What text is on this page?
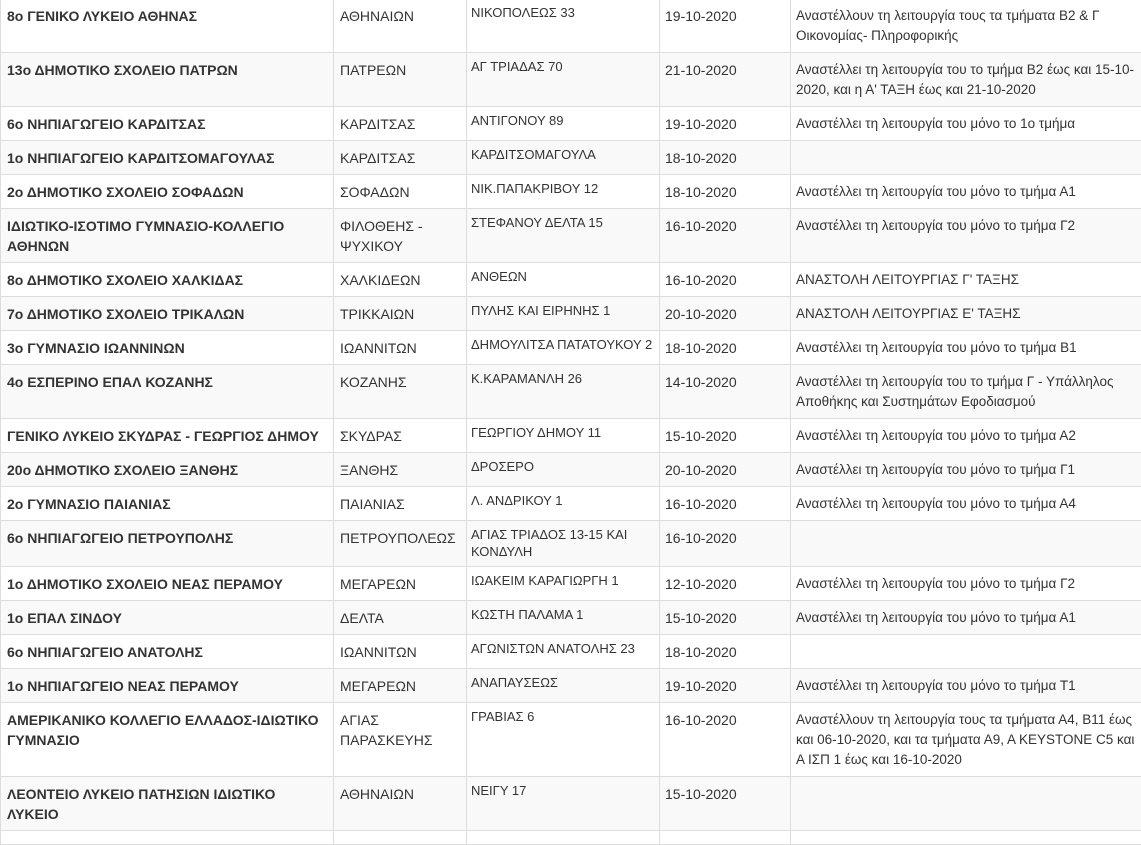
8ο ΓΕΝΙΚΟ ΛΥΚΕΙΟ ΑΘΗΝΑΣ	ΑΘΗΝΑΙΩΝ	ΝΙΚΟΠΟΛΕΩΣ 33	19-10-2020	Αναστέλλουν τη λειτουργία τους τα τμήματα Β2 & Γ Οικονομίας- Πληροφορικής
13ο ΔΗΜΟΤΙΚΟ ΣΧΟΛΕΙΟ ΠΑΤΡΩΝ	ΠΑΤΡΕΩΝ	ΑΓ ΤΡΙΑΔΑΣ 70	21-10-2020	Αναστέλλει τη λειτουργία του το τμήμα Β2 έως και 15-10-2020, και η Α' ΤΑΞΗ έως και 21-10-2020
6ο ΝΗΠΙΑΓΩΓΕΙΟ ΚΑΡΔΙΤΣΑΣ	ΚΑΡΔΙΤΣΑΣ	ΑΝΤΙΓΟΝΟΥ 89	19-10-2020	Αναστέλλει τη λειτουργία του μόνο το 1ο τμήμα
1ο ΝΗΠΙΑΓΩΓΕΙΟ ΚΑΡΔΙΤΣΟΜΑΓΟΥΛΑΣ	ΚΑΡΔΙΤΣΑΣ	ΚΑΡΔΙΤΣΟΜΑΓΟΥΛΑ	18-10-2020	
2ο ΔΗΜΟΤΙΚΟ ΣΧΟΛΕΙΟ ΣΟΦΑΔΩΝ	ΣΟΦΑΔΩΝ	ΝΙΚ.ΠΑΠΑΚΡΙΒΟΥ 12	18-10-2020	Αναστέλλει τη λειτουργία του μόνο το τμήμα Α1
ΙΔΙΩΤΙΚΟ-ΙΣΟΤΙΜΟ ΓΥΜΝΑΣΙΟ-ΚΟΛΛΕΓΙΟ ΑΘΗΝΩΝ	ΦΙΛΟΘΕΗΣ - ΨΥΧΙΚΟΥ	ΣΤΕΦΑΝΟΥ ΔΕΛΤΑ 15	16-10-2020	Αναστέλλει τη λειτουργία του μόνο το τμήμα Γ2
8ο ΔΗΜΟΤΙΚΟ ΣΧΟΛΕΙΟ ΧΑΛΚΙΔΑΣ	ΧΑΛΚΙΔΕΩΝ	ΑΝΘΕΩΝ	16-10-2020	ΑΝΑΣΤΟΛΗ ΛΕΙΤΟΥΡΓΙΑΣ Γ' ΤΑΞΗΣ
7ο ΔΗΜΟΤΙΚΟ ΣΧΟΛΕΙΟ ΤΡΙΚΑΛΩΝ	ΤΡΙΚΚΑΙΩΝ	ΠΥΛΗΣ ΚΑΙ ΕΙΡΗΝΗΣ 1	20-10-2020	ΑΝΑΣΤΟΛΗ ΛΕΙΤΟΥΡΓΙΑΣ Ε' ΤΑΞΗΣ
3ο ΓΥΜΝΑΣΙΟ ΙΩΑΝΝΙΝΩΝ	ΙΩΑΝΝΙΤΩΝ	ΔΗΜΟΥΛΙΤΣΑ ΠΑΤΑΤΟΥΚΟΥ 2	18-10-2020	Αναστέλλει τη λειτουργία του μόνο το τμήμα Β1
4ο ΕΣΠΕΡΙΝΟ ΕΠΑΛ ΚΟΖΑΝΗΣ	ΚΟΖΑΝΗΣ	Κ.ΚΑΡΑΜΑΝΛΗ 26	14-10-2020	Αναστέλλει τη λειτουργία του το τμήμα Γ - Υπάλληλος Αποθήκης και Συστημάτων Εφοδιασμού
ΓΕΝΙΚΟ ΛΥΚΕΙΟ ΣΚΥΔΡΑΣ - ΓΕΩΡΓΙΟΣ ΔΗΜΟΥ	ΣΚΥΔΡΑΣ	ΓΕΩΡΓΙΟΥ ΔΗΜΟΥ 11	15-10-2020	Αναστέλλει τη λειτουργία του μόνο το τμήμα Α2
20ο ΔΗΜΟΤΙΚΟ ΣΧΟΛΕΙΟ ΞΑΝΘΗΣ	ΞΑΝΘΗΣ	ΔΡΟΣΕΡΟ	20-10-2020	Αναστέλλει τη λειτουργία του μόνο το τμήμα Γ1
2ο ΓΥΜΝΑΣΙΟ ΠΑΙΑΝΙΑΣ	ΠΑΙΑΝΙΑΣ	Λ. ΑΝΔΡΙΚΟΥ 1	16-10-2020	Αναστέλλει τη λειτουργία του μόνο το τμήμα Α4
6ο ΝΗΠΙΑΓΩΓΕΙΟ ΠΕΤΡΟΥΠΟΛΗΣ	ΠΕΤΡΟΥΠΟΛΕΩΣ	ΑΓΙΑΣ ΤΡΙΑΔΟΣ 13-15 ΚΑΙ ΚΟΝΔΥΛΗ	16-10-2020	
1ο ΔΗΜΟΤΙΚΟ ΣΧΟΛΕΙΟ ΝΕΑΣ ΠΕΡΑΜΟΥ	ΜΕΓΑΡΕΩΝ	ΙΩΑΚΕΙΜ ΚΑΡΑΓΙΩΡΓΗ 1	12-10-2020	Αναστέλλει τη λειτουργία του μόνο το τμήμα Γ2
1ο ΕΠΑΛ ΣΙΝΔΟΥ	ΔΕΛΤΑ	ΚΩΣΤΗ ΠΑΛΑΜΑ 1	15-10-2020	Αναστέλλει τη λειτουργία του μόνο το τμήμα Α1
6ο ΝΗΠΙΑΓΩΓΕΙΟ ΑΝΑΤΟΛΗΣ	ΙΩΑΝΝΙΤΩΝ	ΑΓΩΝΙΣΤΩΝ ΑΝΑΤΟΛΗΣ 23	18-10-2020	
1ο ΝΗΠΙΑΓΩΓΕΙΟ ΝΕΑΣ ΠΕΡΑΜΟΥ	ΜΕΓΑΡΕΩΝ	ΑΝΑΠΑΥΣΕΩΣ	19-10-2020	Αναστέλλει τη λειτουργία του μόνο το τμήμα Τ1
ΑΜΕΡΙΚΑΝΙΚΟ ΚΟΛΛΕΓΙΟ ΕΛΛΑΔΟΣ-ΙΔΙΩΤΙΚΟ ΓΥΜΝΑΣΙΟ	ΑΓΙΑΣ ΠΑΡΑΣΚΕΥΗΣ	ΓΡΑΒΙΑΣ 6	16-10-2020	Αναστέλλουν τη λειτουργία τους τα τμήματα Α4, Β11 έως και 06-10-2020, και τα τμήματα Α9, Α KEYSTONE C5 και Α ΙΣΠ 1 έως και 16-10-2020
ΛΕΟΝΤΕΙΟ ΛΥΚΕΙΟ ΠΑΤΗΣΙΩΝ ΙΔΙΩΤΙΚΟ ΛΥΚΕΙΟ	ΑΘΗΝΑΙΩΝ	ΝΕΙΓΥ 17	15-10-2020	
